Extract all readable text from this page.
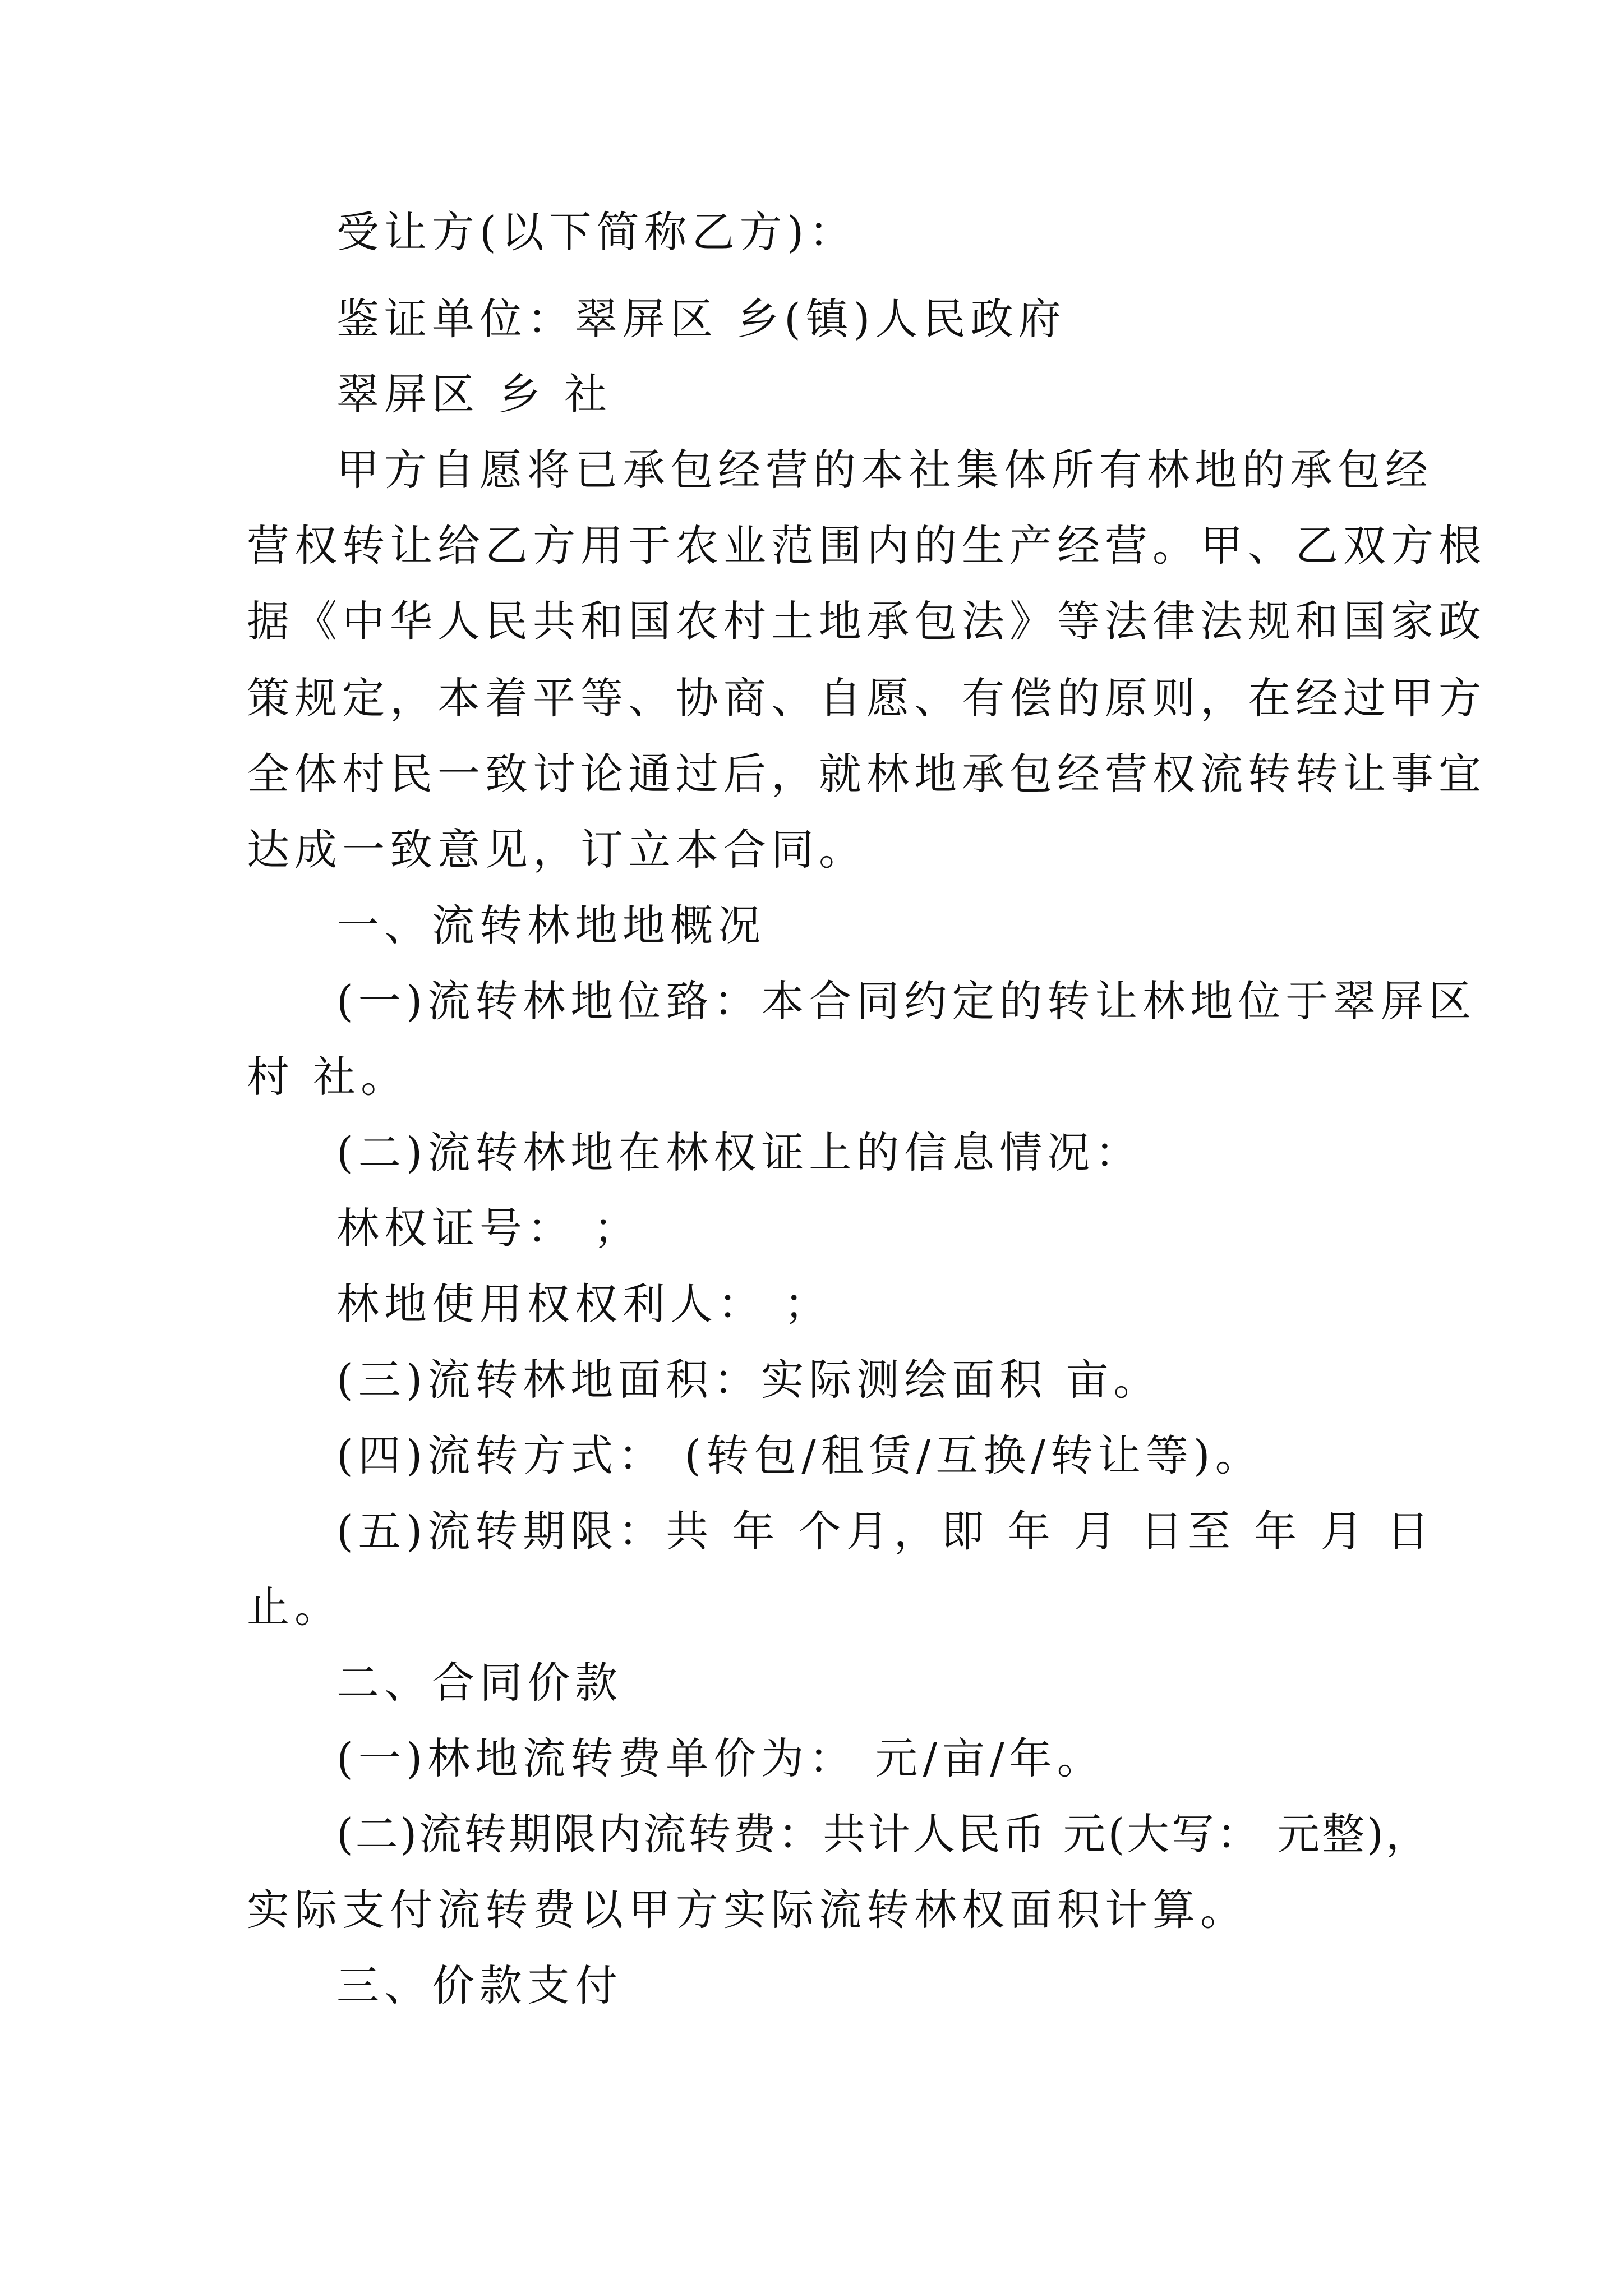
受让方(以下简称乙方)：
鉴证单位：翠屏区 乡(镇)人民政府
翠屏区 乡 社
甲方自愿将已承包经营的本社集体所有林地的承包经
营权转让给乙方用于农业范围内的生产经营。甲、乙双方根
据《中华人民共和国农村土地承包法》等法律法规和国家政
策规定，本着平等、协商、自愿、有偿的原则，在经过甲方
全体村民一致讨论通过后，就林地承包经营权流转转让事宜
达成一致意见，订立本合同。
一、流转林地地概况
(一)流转林地位臵：本合同约定的转让林地位于翠屏区
村 社。
(二)流转林地在林权证上的信息情况：
林权证号： ；
林地使用权权利人： ；
(三)流转林地面积：实际测绘面积 亩。
(四)流转方式： (转包/租赁/互换/转让等)。
(五)流转期限：共 年 个月，即 年 月 日至 年 月 日
止。
二、合同价款
(一)林地流转费单价为： 元/亩/年。
(二)流转期限内流转费：共计人民币 元(大写： 元整)，
实际支付流转费以甲方实际流转林权面积计算。
三、价款支付
